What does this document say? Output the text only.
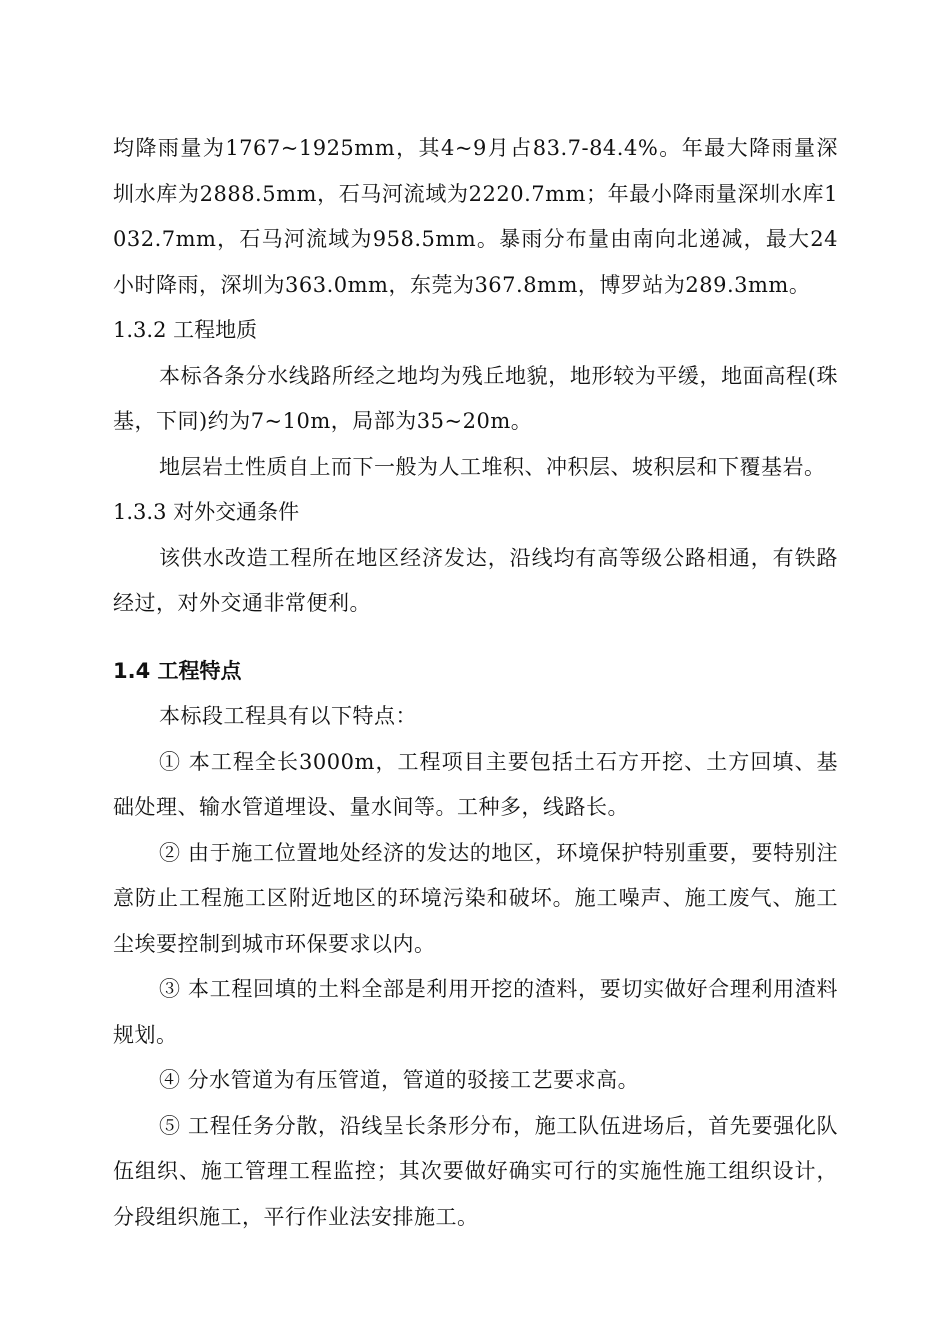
均降雨量为1767~1925mm，其4~9月占83.7-84.4%。年最大降雨量深圳水库为2888.5mm，石马河流域为2220.7mm；年最小降雨量深圳水库1032.7mm，石马河流域为958.5mm。暴雨分布量由南向北递减，最大24小时降雨，深圳为363.0mm，东莞为367.8mm，博罗站为289.3mm。

1.3.2 工程地质

本标各条分水线路所经之地均为残丘地貌，地形较为平缓，地面高程(珠基，下同)约为7~10m，局部为35~20m。

地层岩土性质自上而下一般为人工堆积、冲积层、坡积层和下覆基岩。

1.3.3 对外交通条件

该供水改造工程所在地区经济发达，沿线均有高等级公路相通，有铁路经过，对外交通非常便利。

1.4 工程特点

本标段工程具有以下特点：

① 本工程全长3000m，工程项目主要包括土石方开挖、土方回填、基础处理、输水管道埋设、量水间等。工种多，线路长。

② 由于施工位置地处经济的发达的地区，环境保护特别重要，要特别注意防止工程施工区附近地区的环境污染和破坏。施工噪声、施工废气、施工尘埃要控制到城市环保要求以内。

③ 本工程回填的土料全部是利用开挖的渣料，要切实做好合理利用渣料规划。

④ 分水管道为有压管道，管道的驳接工艺要求高。

⑤ 工程任务分散，沿线呈长条形分布，施工队伍进场后，首先要强化队伍组织、施工管理工程监控；其次要做好确实可行的实施性施工组织设计，分段组织施工，平行作业法安排施工。
